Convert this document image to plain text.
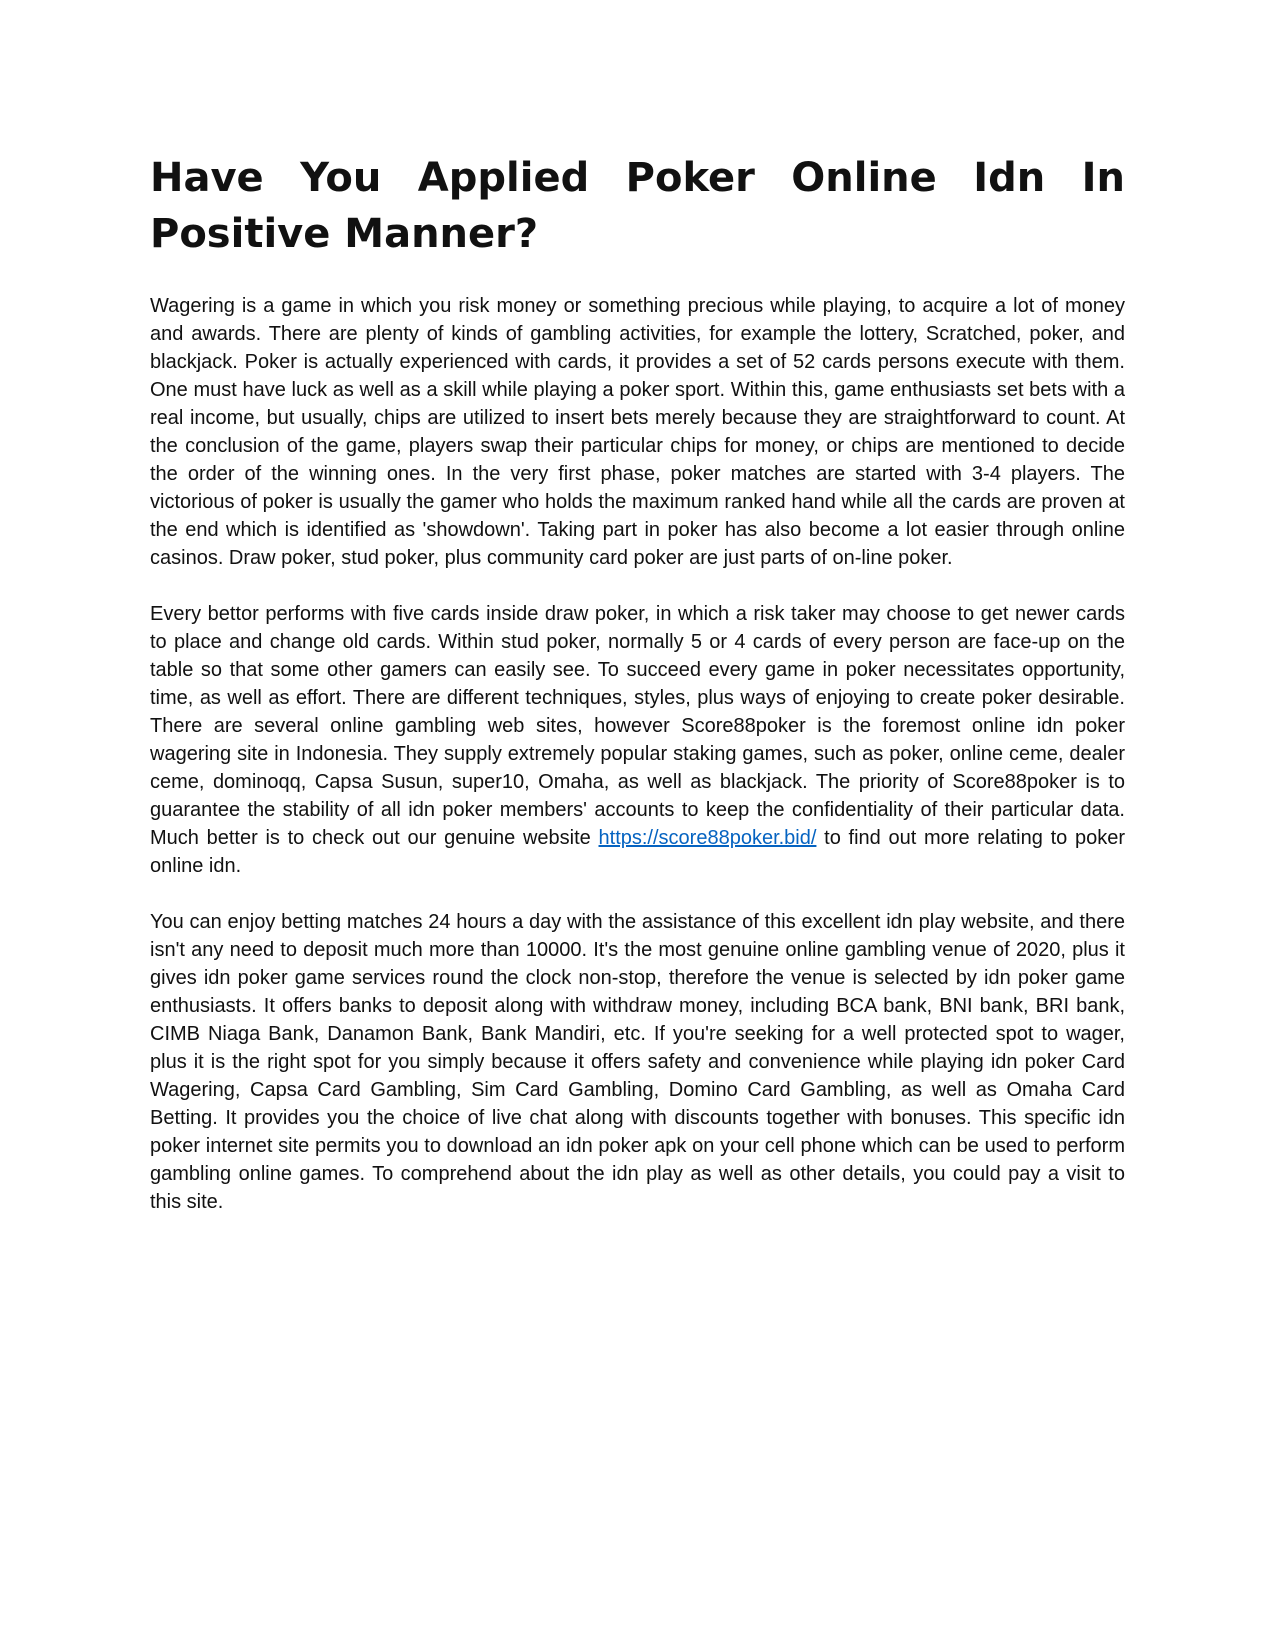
Have You Applied Poker Online Idn In Positive Manner?

Wagering is a game in which you risk money or something precious while playing, to acquire a lot of money and awards. There are plenty of kinds of gambling activities, for example the lottery, Scratched, poker, and blackjack. Poker is actually experienced with cards, it provides a set of 52 cards persons execute with them. One must have luck as well as a skill while playing a poker sport. Within this, game enthusiasts set bets with a real income, but usually, chips are utilized to insert bets merely because they are straightforward to count. At the conclusion of the game, players swap their particular chips for money, or chips are mentioned to decide the order of the winning ones. In the very first phase, poker matches are started with 3-4 players. The victorious of poker is usually the gamer who holds the maximum ranked hand while all the cards are proven at the end which is identified as 'showdown'. Taking part in poker has also become a lot easier through online casinos. Draw poker, stud poker, plus community card poker are just parts of on-line poker.

Every bettor performs with five cards inside draw poker, in which a risk taker may choose to get newer cards to place and change old cards. Within stud poker, normally 5 or 4 cards of every person are face-up on the table so that some other gamers can easily see. To succeed every game in poker necessitates opportunity, time, as well as effort. There are different techniques, styles, plus ways of enjoying to create poker desirable. There are several online gambling web sites, however Score88poker is the foremost online idn poker wagering site in Indonesia. They supply extremely popular staking games, such as poker, online ceme, dealer ceme, dominoqq, Capsa Susun, super10, Omaha, as well as blackjack. The priority of Score88poker is to guarantee the stability of all idn poker members' accounts to keep the confidentiality of their particular data. Much better is to check out our genuine website https://score88poker.bid/ to find out more relating to poker online idn.

You can enjoy betting matches 24 hours a day with the assistance of this excellent idn play website, and there isn't any need to deposit much more than 10000. It's the most genuine online gambling venue of 2020, plus it gives idn poker game services round the clock non-stop, therefore the venue is selected by idn poker game enthusiasts. It offers banks to deposit along with withdraw money, including BCA bank, BNI bank, BRI bank, CIMB Niaga Bank, Danamon Bank, Bank Mandiri, etc. If you're seeking for a well protected spot to wager, plus it is the right spot for you simply because it offers safety and convenience while playing idn poker Card Wagering, Capsa Card Gambling, Sim Card Gambling, Domino Card Gambling, as well as Omaha Card Betting. It provides you the choice of live chat along with discounts together with bonuses. This specific idn poker internet site permits you to download an idn poker apk on your cell phone which can be used to perform gambling online games. To comprehend about the idn play as well as other details, you could pay a visit to this site.
